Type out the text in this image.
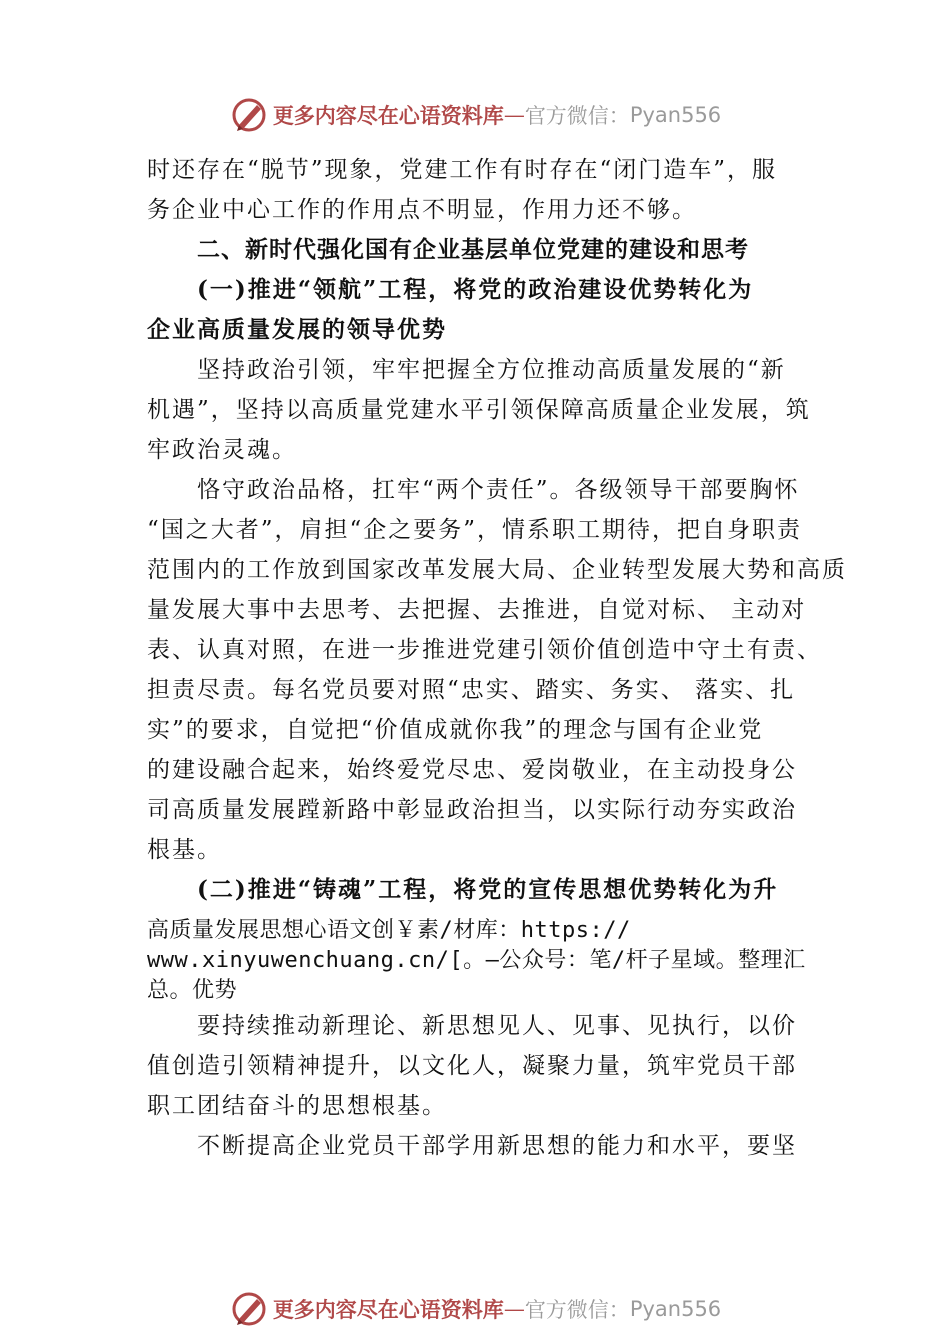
更多内容尽在心语资料库 — 官方微信： Pyan556
时还存在“脱节”现象，党建工作有时存在“闭门造车”，服
务企业中心工作的作用点不明显，作用力还不够。
二、新时代强化国有企业基层单位党建的建设和思考
(一)推进“领航”工程，将党的政治建设优势转化为
企业高质量发展的领导优势
坚持政治引领，牢牢把握全方位推动高质量发展的“新
机遇”，坚持以高质量党建水平引领保障高质量企业发展，筑
牢政治灵魂。
恪守政治品格，扛牢“两个责任”。各级领导干部要胸怀
“国之大者”，肩担“企之要务”，情系职工期待，把自身职责
范围内的工作放到国家改革发展大局、企业转型发展大势和高质
量发展大事中去思考、去把握、去推进，自觉对标、 主动对
表、认真对照，在进一步推进党建引领价值创造中守土有责、
担责尽责。每名党员要对照“忠实、踏实、务实、 落实、扎
实”的要求，自觉把“价值成就你我”的理念与国有企业党
的建设融合起来，始终爱党尽忠、爱岗敬业，在主动投身公
司高质量发展蹚新路中彰显政治担当，以实际行动夯实政治
根基。
(二)推进“铸魂”工程，将党的宣传思想优势转化为升
高质量发展思想心语文创￥素/材库：https://
www.xinyuwenchuang.cn/[。—公众号：笔/杆子星域。整理汇
总。优势
要持续推动新理论、新思想见人、见事、见执行，以价
值创造引领精神提升，以文化人，凝聚力量，筑牢党员干部
职工团结奋斗的思想根基。
不断提高企业党员干部学用新思想的能力和水平，要坚
更多内容尽在心语资料库 — 官方微信： Pyan556
